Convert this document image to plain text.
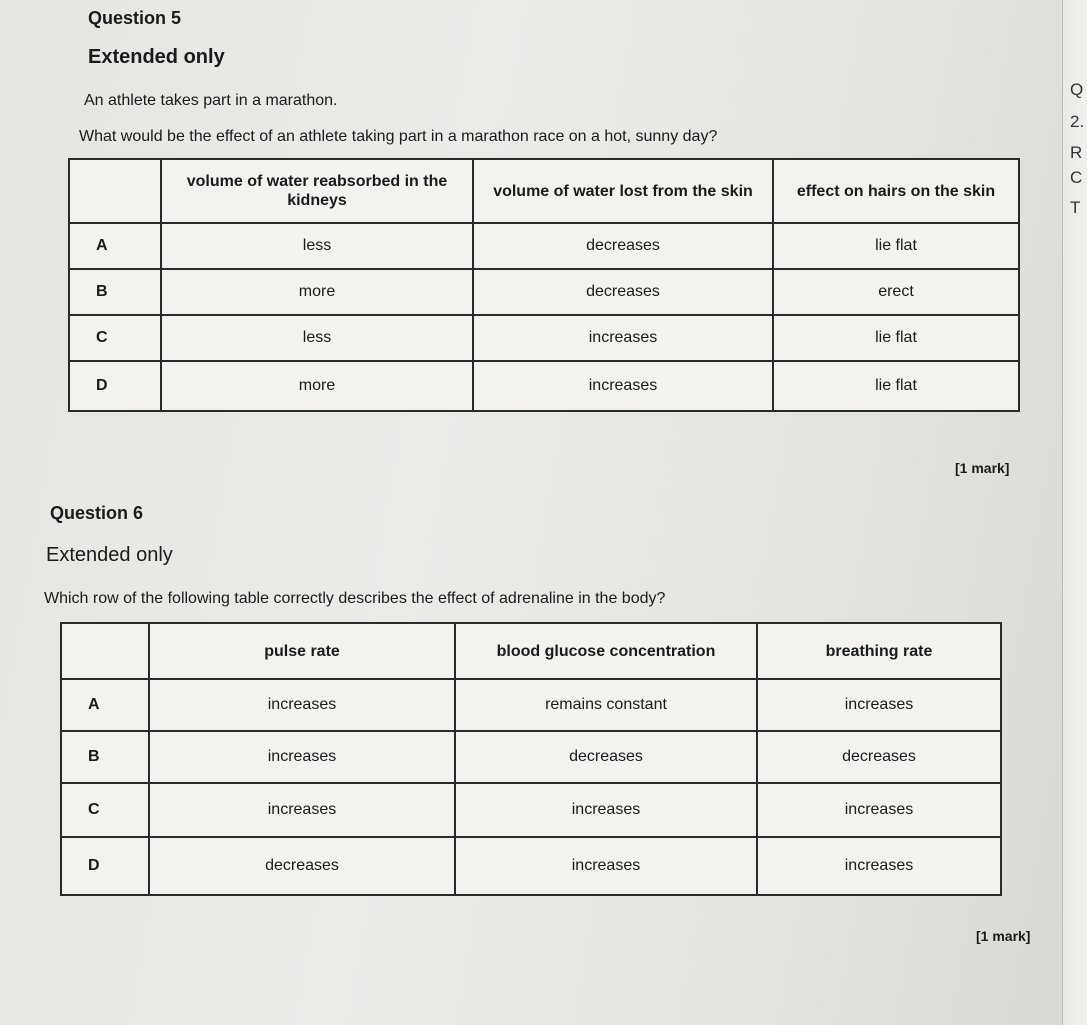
Q
2.
R
C
T
Question 5
Extended only
An athlete takes part in a marathon.
What would be the effect of an athlete taking part in a marathon race on a hot, sunny day?
	volume of water reabsorbed in the kidneys	volume of water lost from the skin	effect on hairs on the skin
A	less	decreases	lie flat
B	more	decreases	erect
C	less	increases	lie flat
D	more	increases	lie flat
[1 mark]
Question 6
Extended only
Which row of the following table correctly describes the effect of adrenaline in the body?
	pulse rate	blood glucose concentration	breathing rate
A	increases	remains constant	increases
B	increases	decreases	decreases
C	increases	increases	increases
D	decreases	increases	increases
[1 mark]
